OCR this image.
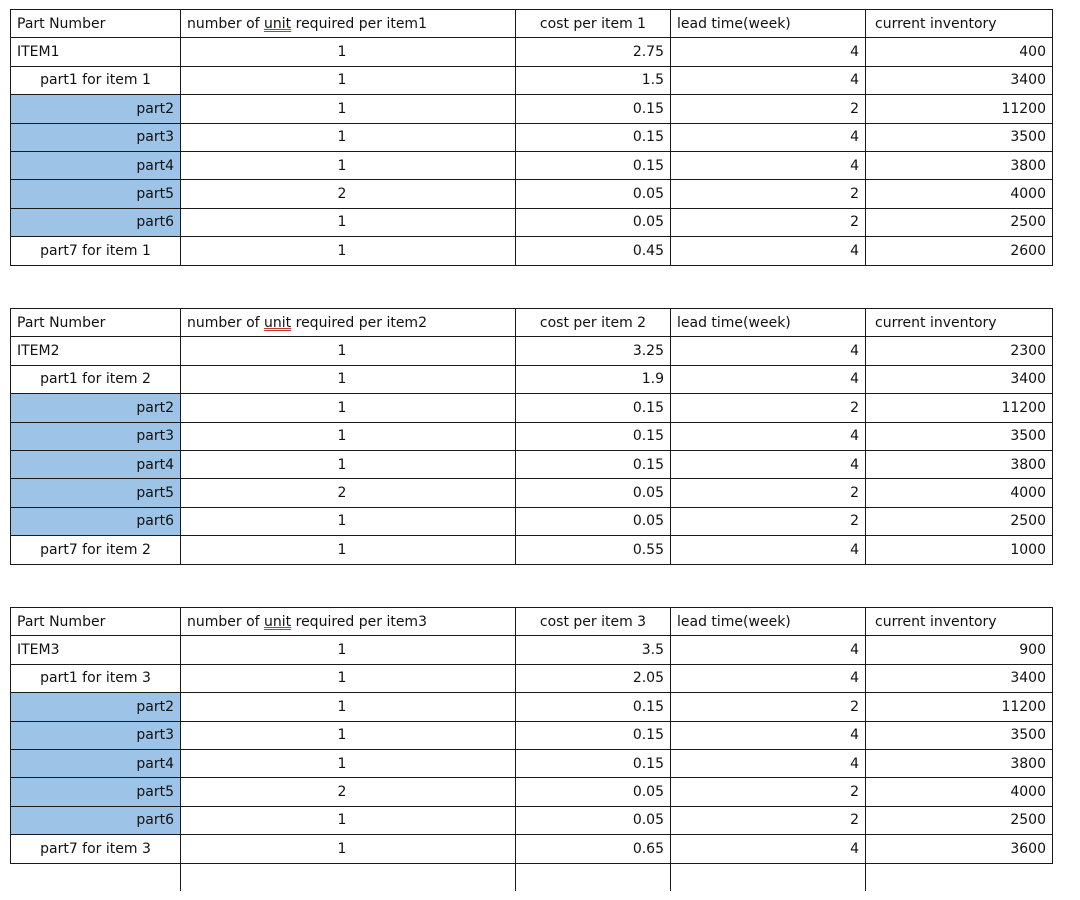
Part Number	number of unit required per item1	cost per item 1	lead time(week)	current inventory
ITEM1	1	2.75	4	400
part1 for item 1	1	1.5	4	3400
part2	1	0.15	2	11200
part3	1	0.15	4	3500
part4	1	0.15	4	3800
part5	2	0.05	2	4000
part6	1	0.05	2	2500
part7 for item 1	1	0.45	4	2600
Part Number	number of unit required per item2	cost per item 2	lead time(week)	current inventory
ITEM2	1	3.25	4	2300
part1 for item 2	1	1.9	4	3400
part2	1	0.15	2	11200
part3	1	0.15	4	3500
part4	1	0.15	4	3800
part5	2	0.05	2	4000
part6	1	0.05	2	2500
part7 for item 2	1	0.55	4	1000
Part Number	number of unit required per item3	cost per item 3	lead time(week)	current inventory
ITEM3	1	3.5	4	900
part1 for item 3	1	2.05	4	3400
part2	1	0.15	2	11200
part3	1	0.15	4	3500
part4	1	0.15	4	3800
part5	2	0.05	2	4000
part6	1	0.05	2	2500
part7 for item 3	1	0.65	4	3600
